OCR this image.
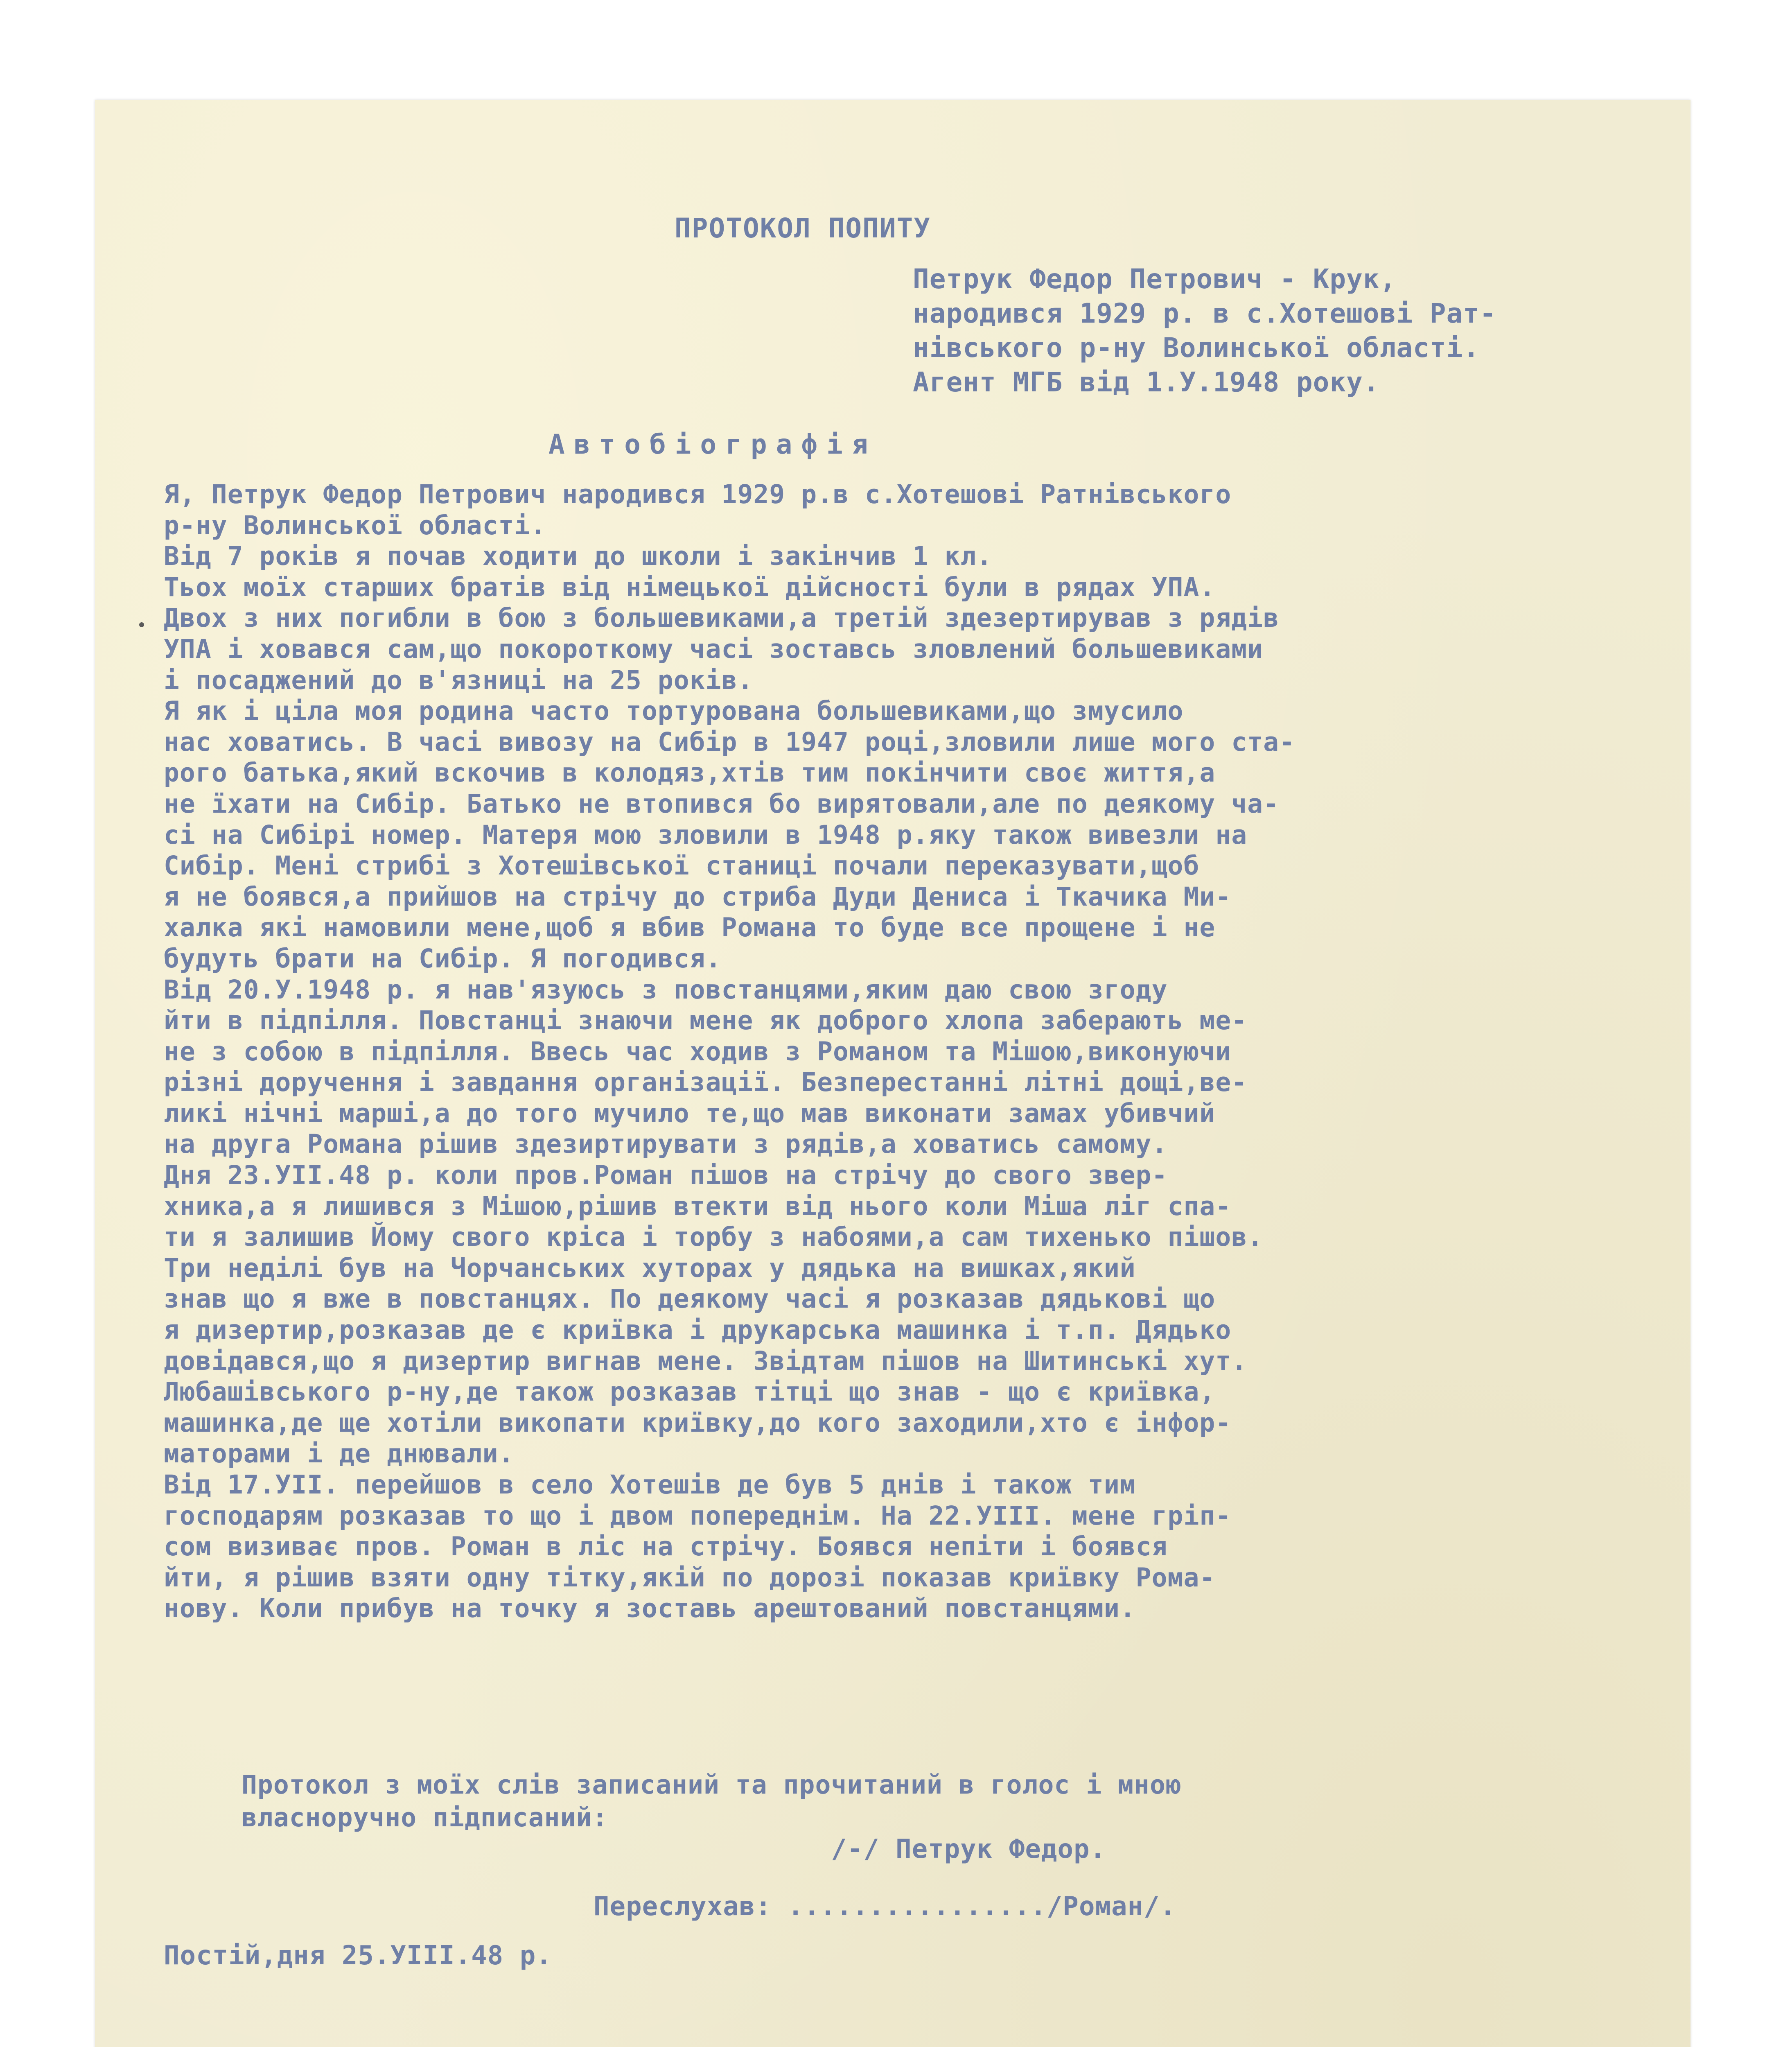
ПРОТОКОЛ ПОПИТУ
Петрук Федор Петрович - Крук,
народився 1929 р. в с.Хотешові Рат-
нівського р-ну Волинської області.
Агент МГБ від 1.У.1948 року.
Автобіографія
Я, Петрук Федор Петрович народився 1929 р.в с.Хотешові Ратнівського
р-ну Волинської області.
Від 7 років я почав ходити до школи і закінчив 1 кл.
Тьох моїх старших братів від німецької дійсності були в рядах УПА.
Двох з них погибли в бою з большевиками,а третій здезертирував з рядів
УПА і ховався сам,що покороткому часі зоставсь зловлений большевиками
і посаджений до в'язниці на 25 років.
Я як і ціла моя родина часто тортурована большевиками,що змусило
нас ховатись. В часі вивозу на Сибір в 1947 році,зловили лише мого ста-
рого батька,який вскочив в колодяз,хтів тим покінчити своє життя,а
не їхати на Сибір. Батько не втопився бо вирятовали,але по деякому ча-
сі на Сибірі номер. Матеря мою зловили в 1948 р.яку також вивезли на
Сибір. Мені стрибі з Хотешівської станиці почали переказувати,щоб
я не боявся,а прийшов на стрічу до стриба Дуди Дениса і Ткачика Ми-
халка які намовили мене,щоб я вбив Романа то буде все прощене і не
будуть брати на Сибір. Я погодився.
Від 20.У.1948 р. я нав'язуюсь з повстанцями,яким даю свою згоду
йти в підпілля. Повстанці знаючи мене як доброго хлопа заберають ме-
не з собою в підпілля. Ввесь час ходив з Романом та Мішою,виконуючи
різні доручення і завдання організації. Безперестанні літні дощі,ве-
ликі нічні марші,а до того мучило те,що мав виконати замах убивчий
на друга Романа рішив здезиртирувати з рядів,а ховатись самому.
Дня 23.УІІ.48 р. коли пров.Роман пішов на стрічу до свого звер-
хника,а я лишився з Мішою,рішив втекти від нього коли Міша ліг спа-
ти я залишив Йому свого кріса і торбу з набоями,а сам тихенько пішов.
Три неділі був на Чорчанських хуторах у дядька на вишках,який
знав що я вже в повстанцях. По деякому часі я розказав дядькові що
я дизертир,розказав де є криївка і друкарська машинка і т.п. Дядько
довідався,що я дизертир вигнав мене. Звідтам пішов на Шитинські хут.
Любашівського р-ну,де також розказав тітці що знав - що є криївка,
машинка,де ще хотіли викопати криївку,до кого заходили,хто є інфор-
маторами і де днювали.
Від 17.УІІ. перейшов в село Хотешів де був 5 днів і також тим
господарям розказав то що і двом попереднім. На 22.УІІІ. мене гріп-
сом визиває пров. Роман в ліс на стрічу. Боявся непіти і боявся
йти, я рішив взяти одну тітку,якій по дорозі показав криївку Рома-
нову. Коли прибув на точку я зоставь арештований повстанцями.
Протокол з моїх слів записаний та прочитаний в голос і мною
власноручно підписаний:
/-/ Петрук Федор.
Переслухав: ................/Роман/.
Постій,дня 25.УІІІ.48 р.
